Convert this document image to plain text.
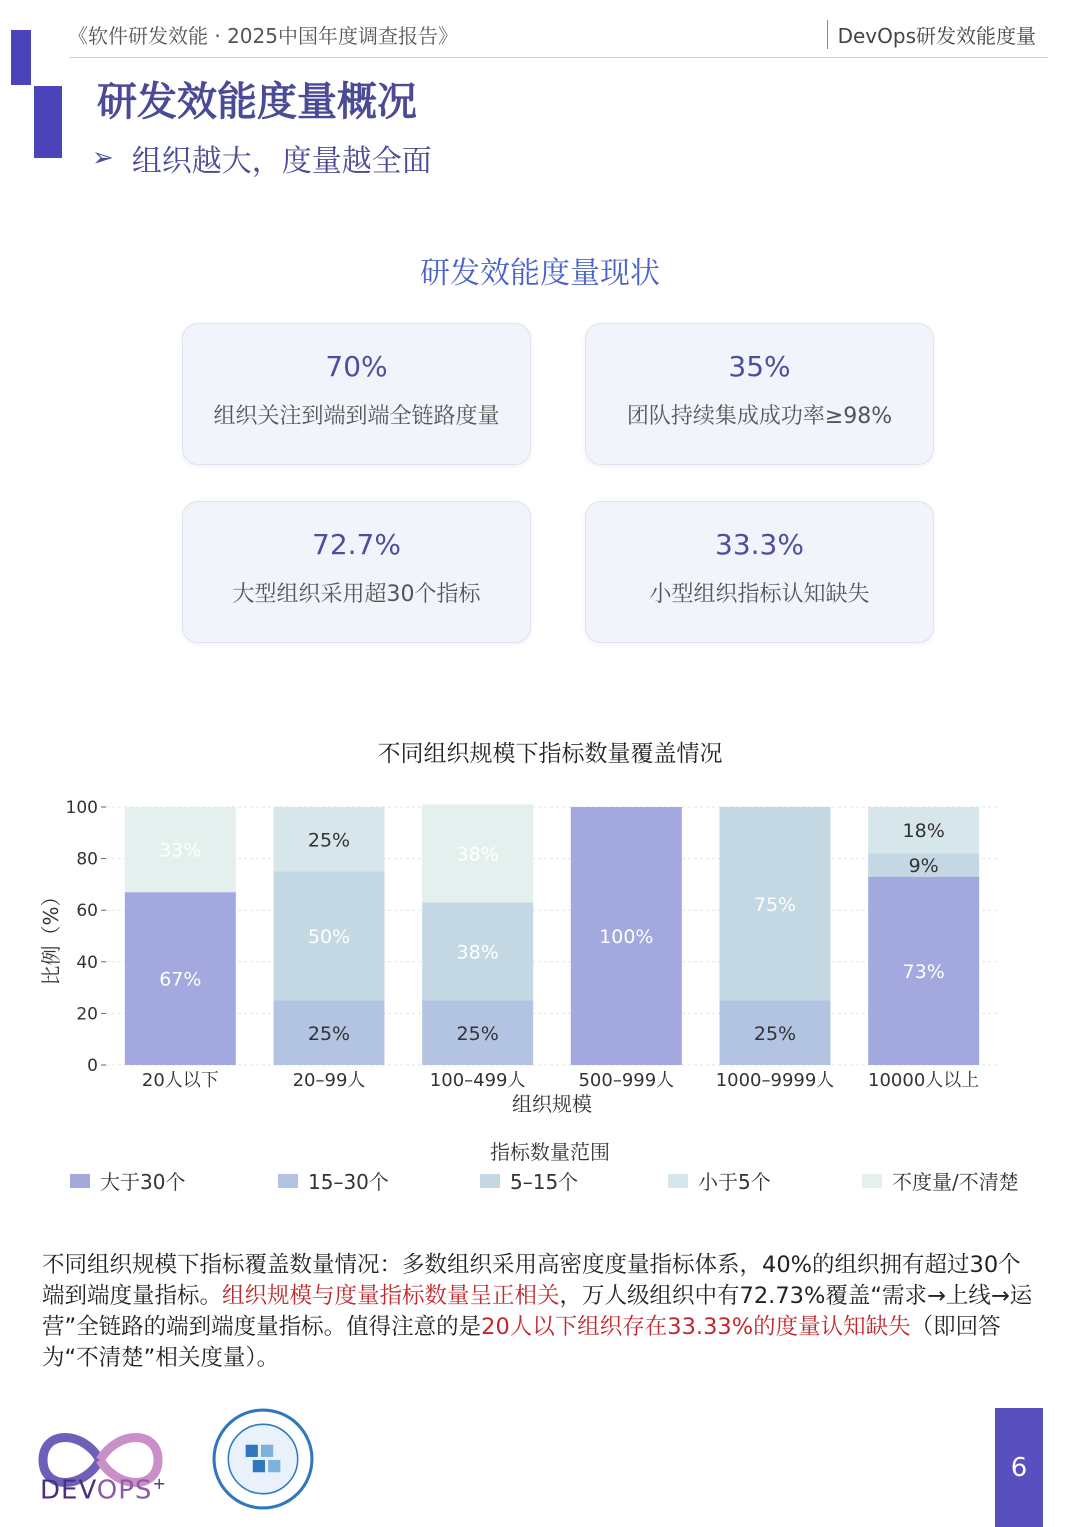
《软件研发效能 · 2025中国年度调查报告》	DevOps研发效能度量
研发效能度量概况
➢ 组织越大，度量越全面
研发效能度量现状
70%
组织关注到端到端全链路度量
35%
团队持续集成成功率≥98%
72.7%
大型组织采用超30个指标
33.3%
小型组织指标认知缺失
不同组织规模下指标数量覆盖情况
0
20
40
60
80
100
比例（%）	67%
33%
20人以下
25%
50%
25%
20–99人
25%
38%
38%
100–499人
100%
500–999人
25%
75%
1000–9999人
73%
9%
18%
10000人以上
组织规模
指标数量范围
大于30个	15–30个	5–15个	小于5个	不度量/不清楚
不同组织规模下指标覆盖数量情况：多数组织采用高密度度量指标体系，40%的组织拥有超过30个端到端度量指标。组织规模与度量指标数量呈正相关，万人级组织中有72.73%覆盖“需求→上线→运营”全链路的端到端度量指标。值得注意的是20人以下组织存在33.33%的度量认知缺失（即回答为“不清楚”相关度量）。
DEVOPS+
6
